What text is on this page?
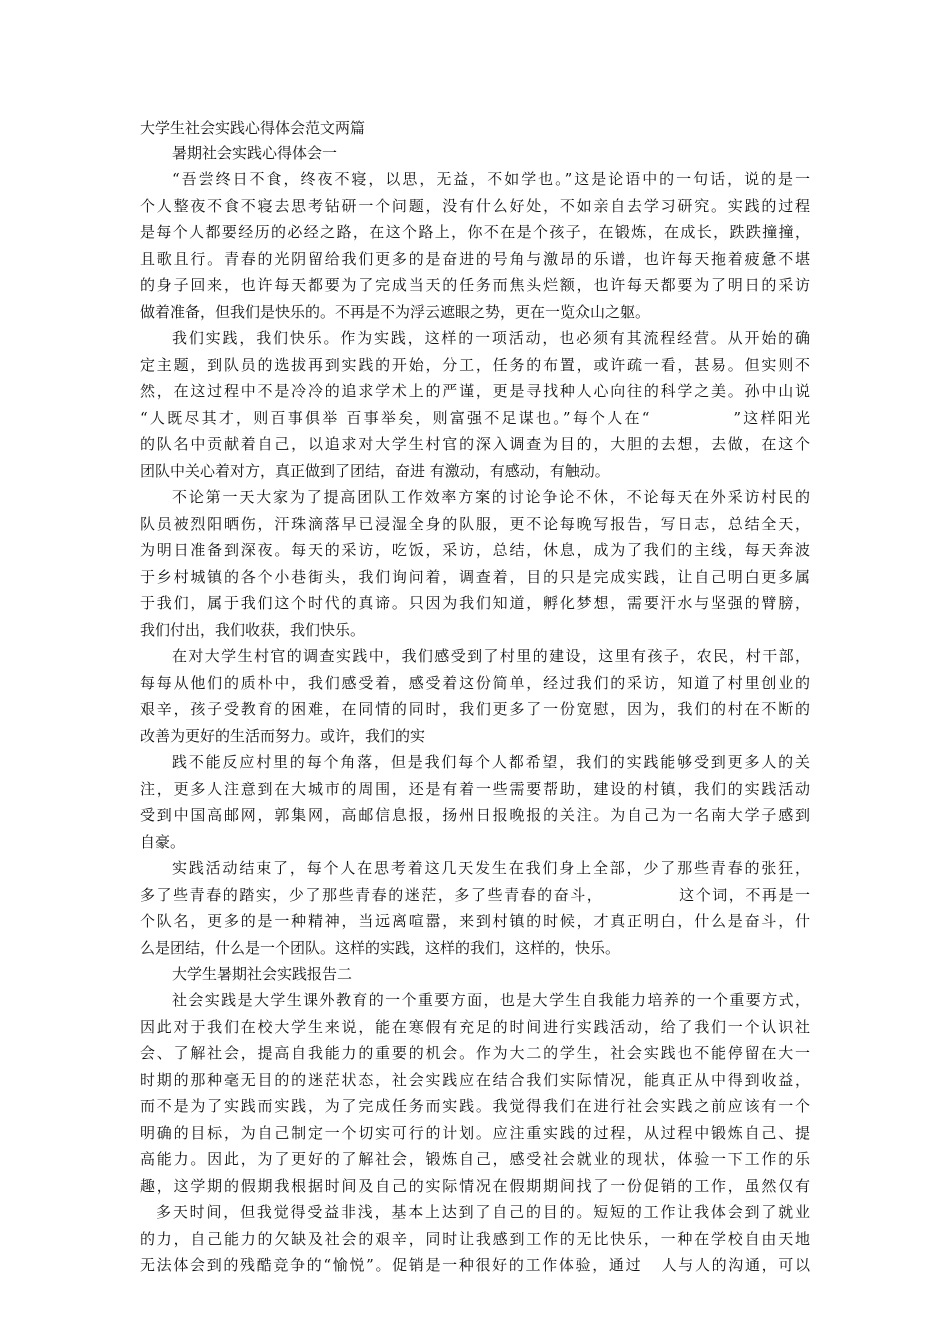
大学生社会实践心得体会范文两篇

暑期社会实践心得体会一

“吾尝终日不食，终夜不寝，以思，无益，不如学也。”这是论语中的一句话，说的是一
个人整夜不食不寝去思考钻研一个问题，没有什么好处，不如亲自去学习研究。实践的过程
是每个人都要经历的必经之路，在这个路上，你不在是个孩子，在锻炼，在成长，跌跌撞撞，
且歌且行。青春的光阴留给我们更多的是奋进的号角与激昂的乐谱，也许每天拖着疲惫不堪
的身子回来，也许每天都要为了完成当天的任务而焦头烂额，也许每天都要为了明日的采访
做着准备，但我们是快乐的。不再是不为浮云遮眼之势，更在一览众山之躯。
我们实践，我们快乐。作为实践，这样的一项活动，也必须有其流程经营。从开始的确
定主题，到队员的选拔再到实践的开始，分工，任务的布置，或许疏一看，甚易。但实则不
然，在这过程中不是冷冷的追求学术上的严谨，更是寻找种人心向往的科学之美。孙中山说
“人既尽其才，则百事俱举 百事举矣，则富强不足谋也。”每个人在“            ”这样阳光
的队名中贡献着自己，以追求对大学生村官的深入调查为目的，大胆的去想，去做，在这个
团队中关心着对方，真正做到了团结，奋进 有激动，有感动，有触动。
不论第一天大家为了提高团队工作效率方案的讨论争论不休，不论每天在外采访村民的
队员被烈阳晒伤，汗珠滴落早已浸湿全身的队服，更不论每晚写报告，写日志，总结全天，
为明日准备到深夜。每天的采访，吃饭，采访，总结，休息，成为了我们的主线，每天奔波
于乡村城镇的各个小巷街头，我们询问着，调查着，目的只是完成实践，让自己明白更多属
于我们，属于我们这个时代的真谛。只因为我们知道，孵化梦想，需要汗水与坚强的臂膀，
我们付出，我们收获，我们快乐。
在对大学生村官的调查实践中，我们感受到了村里的建设，这里有孩子，农民，村干部，
每每从他们的质朴中，我们感受着，感受着这份简单，经过我们的采访，知道了村里创业的
艰辛，孩子受教育的困难，在同情的同时，我们更多了一份宽慰，因为，我们的村在不断的
改善为更好的生活而努力。或许，我们的实
践不能反应村里的每个角落，但是我们每个人都希望，我们的实践能够受到更多人的关
注，更多人注意到在大城市的周围，还是有着一些需要帮助，建设的村镇，我们的实践活动
受到中国高邮网，郭集网，高邮信息报，扬州日报晚报的关注。为自己为一名南大学子感到
自豪。
实践活动结束了，每个人在思考着这几天发生在我们身上全部，少了那些青春的张狂，
多了些青春的踏实，少了那些青春的迷茫，多了些青春的奋斗，            这个词，不再是一
个队名，更多的是一种精神，当远离喧嚣，来到村镇的时候，才真正明白，什么是奋斗，什
么是团结，什么是一个团队。这样的实践，这样的我们，这样的，快乐。

大学生暑期社会实践报告二

社会实践是大学生课外教育的一个重要方面，也是大学生自我能力培养的一个重要方式，
因此对于我们在校大学生来说，能在寒假有充足的时间进行实践活动，给了我们一个认识社
会、了解社会，提高自我能力的重要的机会。作为大二的学生，社会实践也不能停留在大一
时期的那种毫无目的的迷茫状态，社会实践应在结合我们实际情况，能真正从中得到收益，
而不是为了实践而实践，为了完成任务而实践。我觉得我们在进行社会实践之前应该有一个
明确的目标，为自己制定一个切实可行的计划。应注重实践的过程，从过程中锻炼自己、提
高能力。因此，为了更好的了解社会，锻炼自己，感受社会就业的现状，体验一下工作的乐
趣，这学期的假期我根据时间及自己的实际情况在假期期间找了一份促销的工作，虽然仅有
多天时间，但我觉得受益非浅，基本上达到了自己的目的。短短的工作让我体会到了就业
的力，自己能力的欠缺及社会的艰辛，同时让我感到工作的无比快乐，一种在学校自由天地
无法体会到的残酷竞争的“愉悦”。促销是一种很好的工作体验，通过   人与人的沟通，可以
